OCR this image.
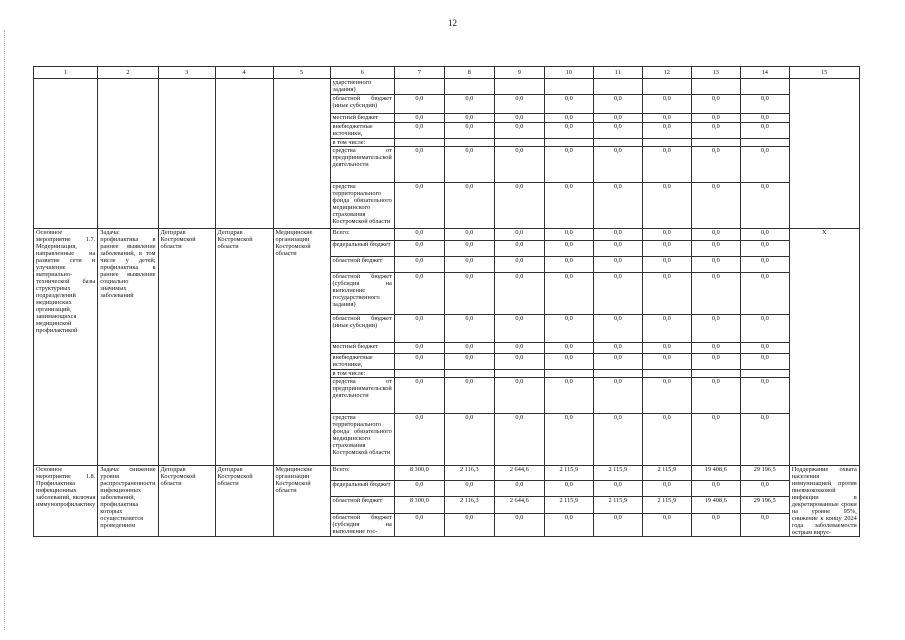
12
1	2	3	4	5	6	7	8	9	10	11	12	13	14	15
					ударственного задания)									
					областной бюджет (иные субсидии)	0,0	0,0	0,0	0,0	0,0	0,0	0,0	0,0	
					местный бюджет	0,0	0,0	0,0	0,0	0,0	0,0	0,0	0,0	
					внебюджетные источники,	0,0	0,0	0,0	0,0	0,0	0,0	0,0	0,0	
					в том числе:									
					средства от предпринимательской деятельности	0,0	0,0	0,0	0,0	0,0	0,0	0,0	0,0	
					средства территориального фонда обязательного медицинского страхования Костромской области	0,0	0,0	0,0	0,0	0,0	0,0	0,0	0,0	
Основное мероприятие 1.7. Модернизация, направленные на развитие сети и улучшение материально-технической базы структурных подразделений медицинских организаций, занимающихся медицинской профилактикой	Задача: профилактика в раннее выявление заболеваний, в том числе у детей; профилактика в раннее выявление социально значимых заболеваний	Депздрав Костромской области	Депздрав Костромской области	Медицинские организации Костромской области	Всего:	0,0	0,0	0,0	0,0	0,0	0,0	0,0	0,0	X
					федеральный бюджет	0,0	0,0	0,0	0,0	0,0	0,0	0,0	0,0	
					областной бюджет	0,0	0,0	0,0	0,0	0,0	0,0	0,0	0,0	
					областной бюджет (субсидия на выполнение государственного задания)	0,0	0,0	0,0	0,0	0,0	0,0	0,0	0,0	
					областной бюджет (иные субсидии)	0,0	0,0	0,0	0,0	0,0	0,0	0,0	0,0	
					местный бюджет	0,0	0,0	0,0	0,0	0,0	0,0	0,0	0,0	
					внебюджетные источники,	0,0	0,0	0,0	0,0	0,0	0,0	0,0	0,0	
					в том числе:									
					средства от предпринимательской деятельности	0,0	0,0	0,0	0,0	0,0	0,0	0,0	0,0	
					средства территориального фонда обязательного медицинского страхования Костромской области	0,0	0,0	0,0	0,0	0,0	0,0	0,0	0,0	
Основное мероприятие 1.8. Профилактика инфекционных заболеваний, включая иммунопрофилактику	Задача: снижение уровня распространенности инфекционных заболеваний, профилактика которых осуществляется проведением	Депздрав Костромской области	Депздрав Костромской области	Медицинские организации Костромской области	Всего:	8 300,0	2 116,3	2 644,6	2 115,9	2 115,9	2 115,9	19 408,6	29 196,5	Поддержание охвата населения иммунизацией против пневмококковой инфекции в декретированные сроки на уровне 95%, снижение к концу 2024 года заболеваемости острым вирус-
					федеральный бюджет	0,0	0,0	0,0	0,0	0,0	0,0	0,0	0,0	
					областной бюджет	8 300,0	2 116,3	2 644,6	2 115,9	2 115,9	2 115,9	19 408,6	29 196,5	
					областной бюджет (субсидия на выполнение гос-	0,0	0,0	0,0	0,0	0,0	0,0	0,0	0,0	
